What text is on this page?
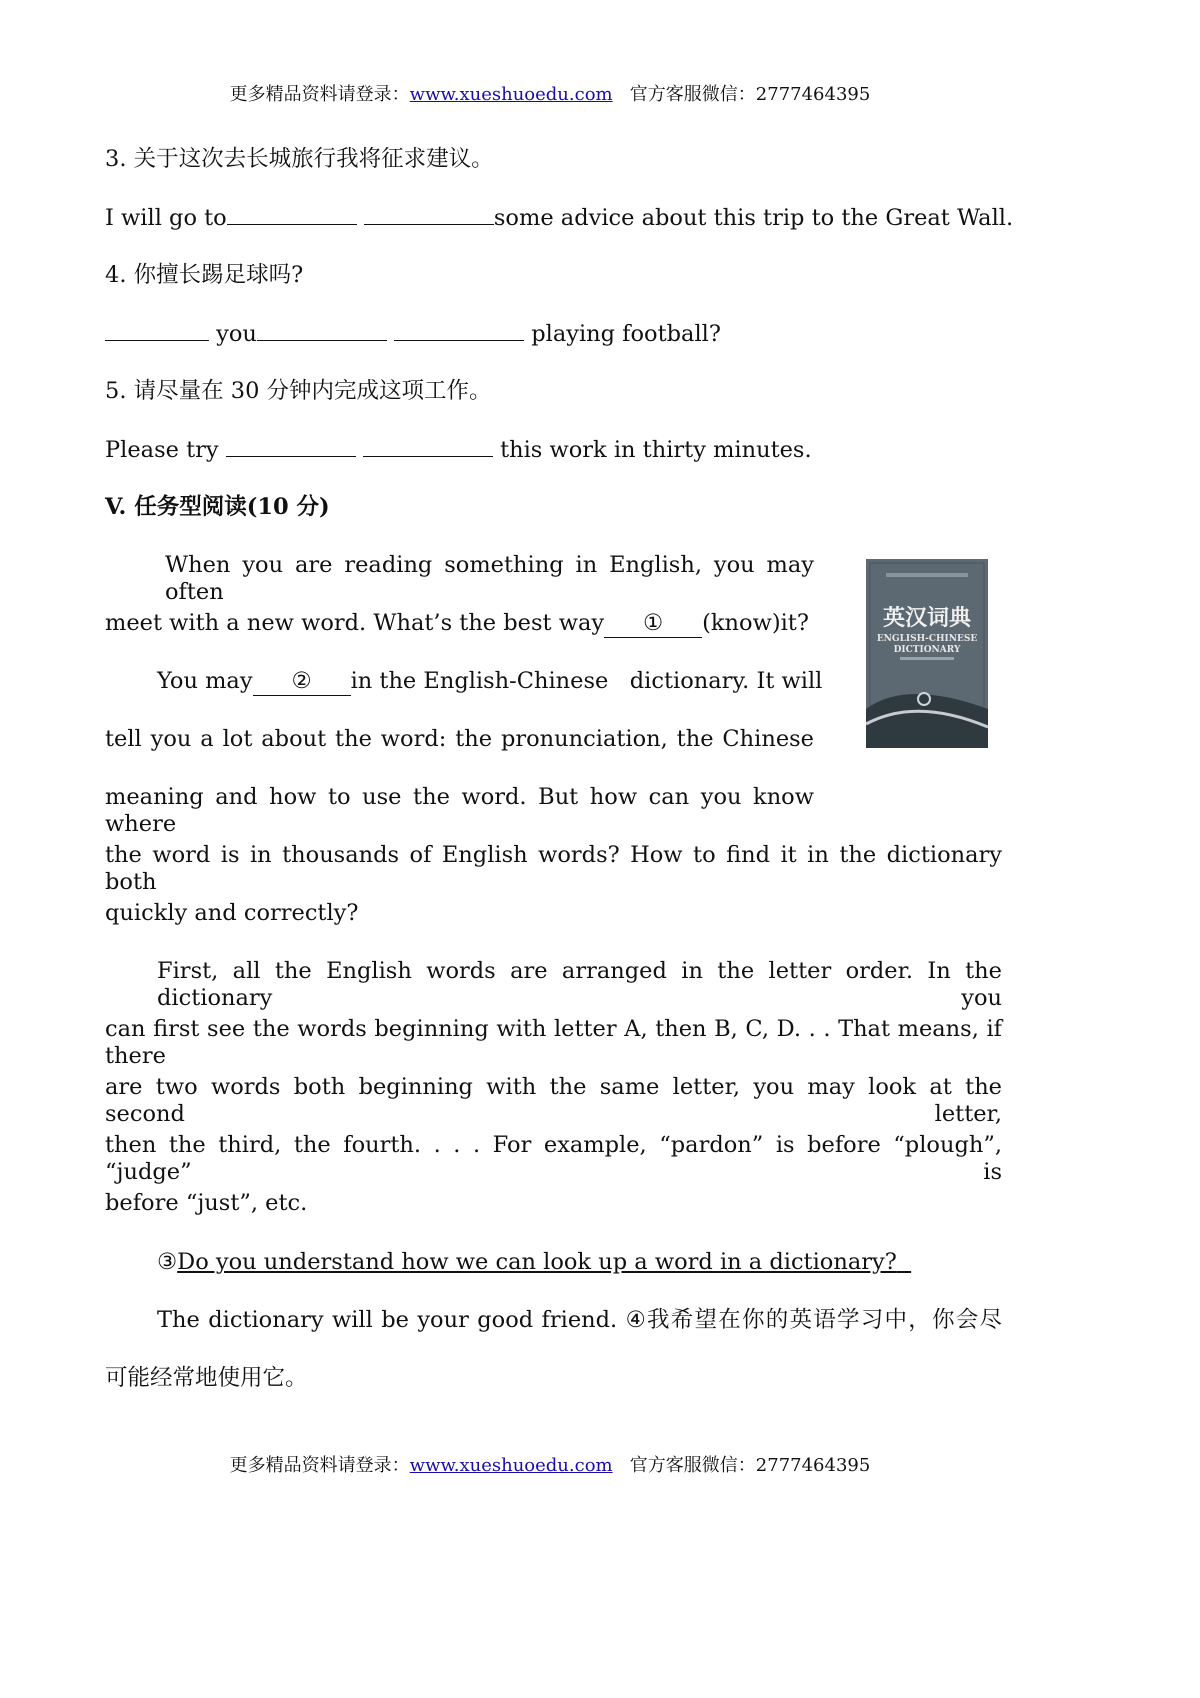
更多精品资料请登录：www.xueshuoedu.com 官方客服微信：2777464395
3. 关于这次去长城旅行我将征求建议。
I will go to	some advice about this trip to the Great Wall.
4. 你擅长踢足球吗?
you	playing football?
5. 请尽量在 30 分钟内完成这项工作。
Please try	this work in thirty minutes.
V. 任务型阅读(10 分)
英汉词典
ENGLISH-CHINESE
DICTIONARY
When you are reading something in English, you may often
meet with a new word. What’s the best way ① (know)it?
You may ② in the English-Chinese   dictionary. It will
tell you a lot about the word: the pronunciation, the Chinese
meaning and how to use the word. But how can you know where
the word is in thousands of English words? How to find it in the dictionary both
quickly and correctly?
First, all the English words are arranged in the letter order. In the dictionary you
can first see the words beginning with letter A, then B, C, D. . . That means, if there
are two words both beginning with the same letter, you may look at the second letter,
then the third, the fourth. . . . For example, “pardon” is before “plough”, “judge” is
before “just”, etc.
③Do you understand how we can look up a word in a dictionary?
The dictionary will be your good friend. ④我希望在你的英语学习中，你会尽
可能经常地使用它。
更多精品资料请登录：www.xueshuoedu.com 官方客服微信：2777464395
